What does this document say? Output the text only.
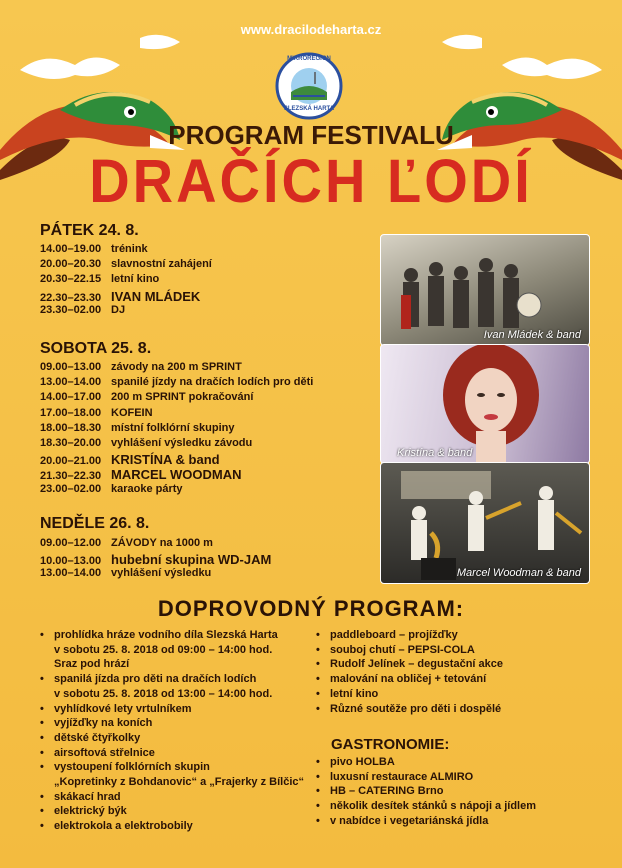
www.dracilodeharta.cz
MIKROREGION
SLEZSKÁ HARTA
PROGRAM FESTIVALU
DRAČÍCH ĽODÍ
PÁTEK 24. 8.
14.00–19.00 trénink
20.00–20.30 slavnostní zahájení
20.30–22.15 letní kino
22.30–23.30 IVAN MLÁDEK
23.30–02.00 DJ
SOBOTA 25. 8.
09.00–13.00 závody na 200 m SPRINT
13.00–14.00 spanilé jízdy na dračích lodích pro děti
14.00–17.00 200 m SPRINT pokračování
17.00–18.00 KOFEIN
18.00–18.30 místní folklórní skupiny
18.30–20.00 vyhlášení výsledku závodu
20.00–21.00 KRISTÍNA & band
21.30–22.30 MARCEL WOODMAN
23.00–02.00 karaoke párty
NEDĚLE 26. 8.
09.00–12.00 ZÁVODY na 1000 m
10.00–13.00 hubební skupina WD-JAM
13.00–14.00 vyhlášení výsledku
Ivan Mládek & band
Kristína & band
Marcel Woodman & band
DOPROVODNÝ PROGRAM:
• prohlídka hráze vodního díla Slezská Harta
v sobotu 25. 8. 2018 od 09:00 – 14:00 hod.
Sraz pod hrází
• spanilá jízda pro děti na dračích lodích
v sobotu 25. 8. 2018 od 13:00 – 14:00 hod.
• vyhlídkové lety vrtulníkem
• vyjížďky na koních
• dětské čtyřkolky
• airsoftová střelnice
• vystoupení folklórních skupin
„Kopretinky z Bohdanovic“ a „Frajerky z Bílčic“
• skákací hrad
• elektrický býk
• elektrokola a elektrobobily
• paddleboard – projížďky
• souboj chutí – PEPSI-COLA
• Rudolf Jelínek – degustační akce
• malování na obličej + tetování
• letní kino
• Různé soutěže pro děti i dospělé
GASTRONOMIE:
• pivo HOLBA
• luxusní restaurace ALMIRO
• HB – CATERING Brno
• několik desítek stánků s nápoji a jídlem
• v nabídce i vegetariánská jídla
